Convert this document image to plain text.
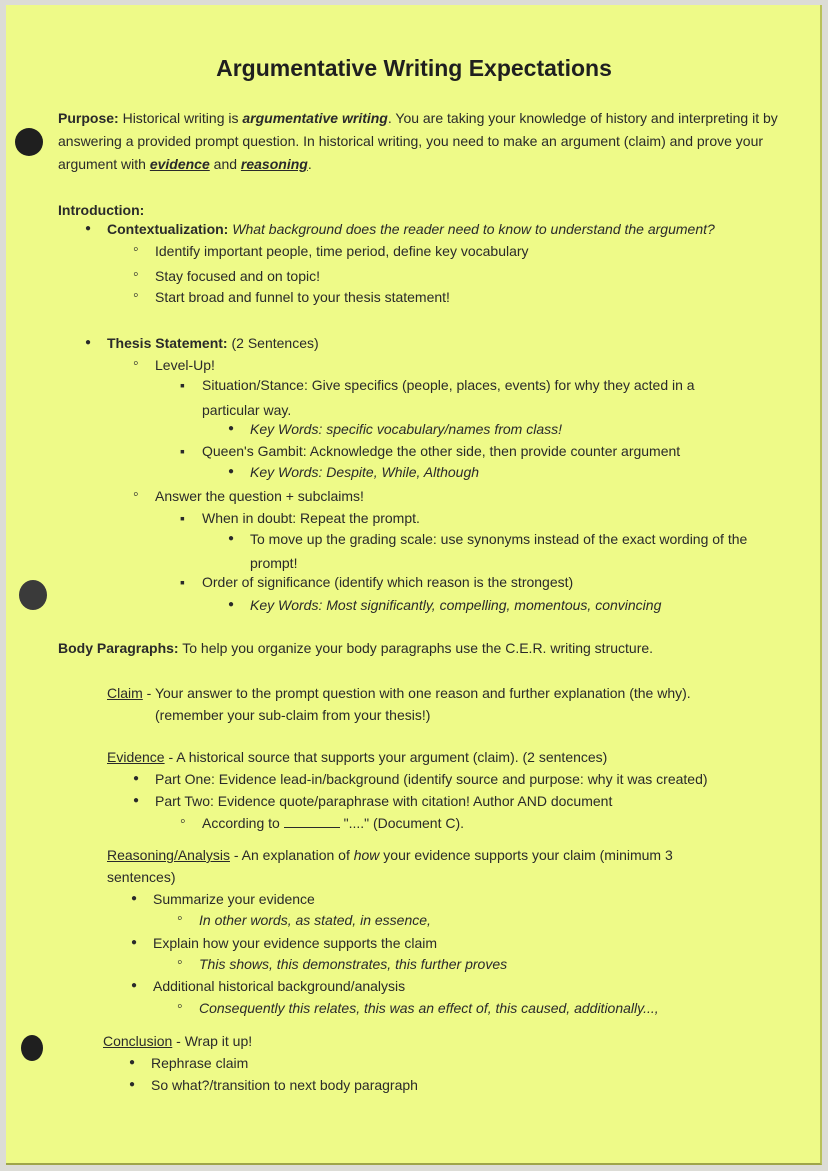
Argumentative Writing Expectations
Purpose: Historical writing is argumentative writing. You are taking your knowledge of history and interpreting it by answering a provided prompt question. In historical writing, you need to make an argument (claim) and prove your argument with evidence and reasoning.
Introduction:
● Contextualization: What background does the reader need to know to understand the argument?
◦ Identify important people, time period, define key vocabulary
◦ Stay focused and on topic!
◦ Start broad and funnel to your thesis statement!
● Thesis Statement: (2 Sentences)
◦ Level-Up!
▪ Situation/Stance: Give specifics (people, places, events) for why they acted in a
particular way.
● Key Words: specific vocabulary/names from class!
▪ Queen's Gambit: Acknowledge the other side, then provide counter argument
● Key Words: Despite, While, Although
◦ Answer the question + subclaims!
▪ When in doubt: Repeat the prompt.
● To move up the grading scale: use synonyms instead of the exact wording of the
prompt!
▪ Order of significance (identify which reason is the strongest)
● Key Words: Most significantly, compelling, momentous, convincing
Body Paragraphs: To help you organize your body paragraphs use the C.E.R. writing structure.
Claim - Your answer to the prompt question with one reason and further explanation (the why).
(remember your sub-claim from your thesis!)
Evidence - A historical source that supports your argument (claim). (2 sentences)
● Part One: Evidence lead-in/background (identify source and purpose: why it was created)
● Part Two: Evidence quote/paraphrase with citation! Author AND document
◦ According to	"...." (Document C).
Reasoning/Analysis - An explanation of how your evidence supports your claim (minimum 3
sentences)
● Summarize your evidence
◦ In other words, as stated, in essence,
● Explain how your evidence supports the claim
◦ This shows, this demonstrates, this further proves
● Additional historical background/analysis
◦ Consequently this relates, this was an effect of, this caused, additionally...,
Conclusion - Wrap it up!
● Rephrase claim
● So what?/transition to next body paragraph
